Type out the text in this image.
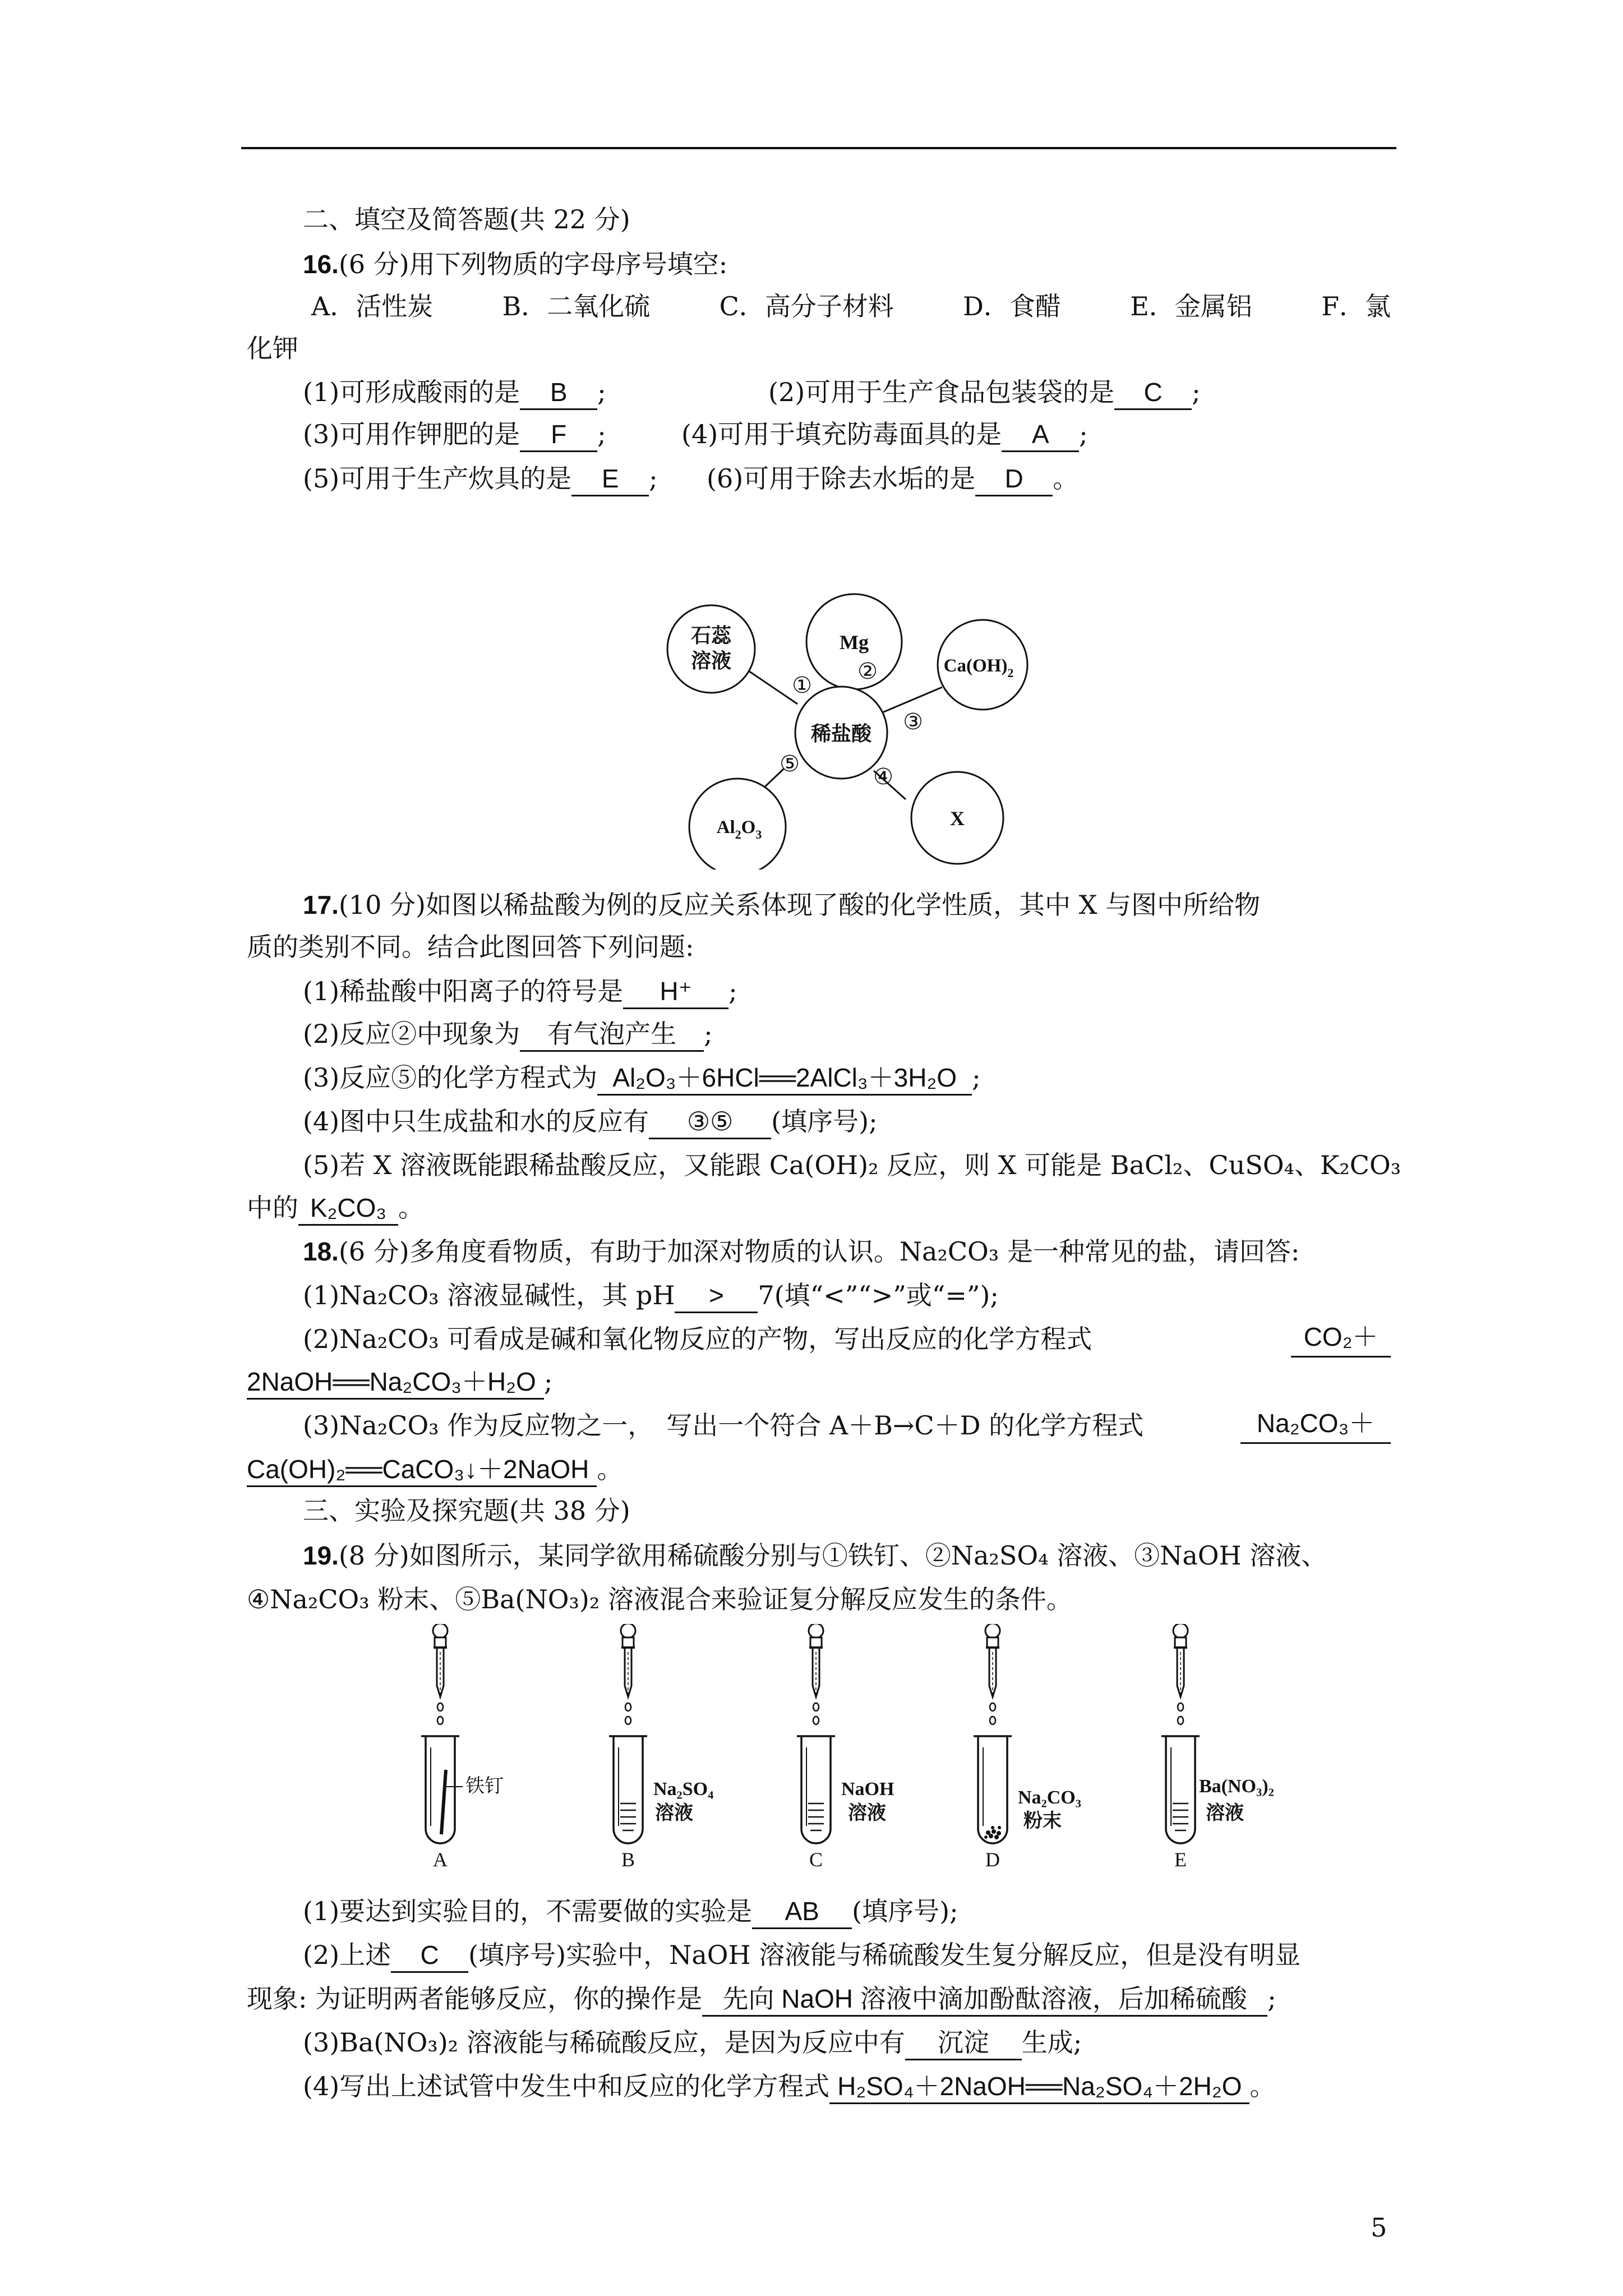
二、填空及简答题(共 22 分)
16.(6 分)用下列物质的字母序号填空:
A．活性炭	B．二氧化硫	C．高分子材料	D．食醋	E．金属铝	F．氯
化钾
(1)可形成酸雨的是 B ;	(2)可用于生产食品包装袋的是 C ;
(3)可用作钾肥的是 F ;	(4)可用于填充防毒面具的是 A ;
(5)可用于生产炊具的是 E ;	(6)可用于除去水垢的是 D 。
Mg
石蕊
溶液	$Ca(OH)_2$
$Al_2O_3$
X
稀盐酸
①
②
③
④
⑤
17.(10 分)如图以稀盐酸为例的反应关系体现了酸的化学性质，其中 X 与图中所给物
质的类别不同。结合此图回答下列问题:
(1)稀盐酸中阳离子的符号是 H⁺ ;
(2)反应②中现象为 有气泡产生 ;
(3)反应⑤的化学方程式为 Al₂O₃＋6HCl══2AlCl₃＋3H₂O ;
(4)图中只生成盐和水的反应有 ③⑤ (填序号);
(5)若 X 溶液既能跟稀盐酸反应，又能跟 Ca(OH)₂ 反应，则 X 可能是 BaCl₂、CuSO₄、K₂CO₃
中的 K₂CO₃ 。
18.(6 分)多角度看物质，有助于加深对物质的认识。Na₂CO₃ 是一种常见的盐，请回答:
(1)Na₂CO₃ 溶液显碱性，其 pH > 7(填“<”“>”或“=”);
(2)Na₂CO₃ 可看成是碱和氧化物反应的产物，写出反应的化学方程式	CO₂＋
2NaOH══Na₂CO₃＋H₂O ;
(3)Na₂CO₃ 作为反应物之一，　写出一个符合 A＋B→C＋D 的化学方程式	Na₂CO₃＋
Ca(OH)₂══CaCO₃↓＋2NaOH 。
三、实验及探究题(共 38 分)
19.(8 分)如图所示，某同学欲用稀硫酸分别与①铁钉、②Na₂SO₄ 溶液、③NaOH 溶液、
④Na₂CO₃ 粉末、⑤Ba(NO₃)₂ 溶液混合来验证复分解反应发生的条件。
铁钉	Na₂SO₄
溶液
NaOH
溶液
Na₂CO₃
粉末
Ba(NO₃)₂
溶液
A	B	C	D	E
(1)要达到实验目的，不需要做的实验是 AB (填序号);
(2)上述 C (填序号)实验中，NaOH 溶液能与稀硫酸发生复分解反应，但是没有明显
现象: 为证明两者能够反应，你的操作是 先向 NaOH 溶液中滴加酚酞溶液，后加稀硫酸 ;
(3)Ba(NO₃)₂ 溶液能与稀硫酸反应，是因为反应中有 沉淀 生成;
(4)写出上述试管中发生中和反应的化学方程式 H₂SO₄＋2NaOH══Na₂SO₄＋2H₂O 。
5
